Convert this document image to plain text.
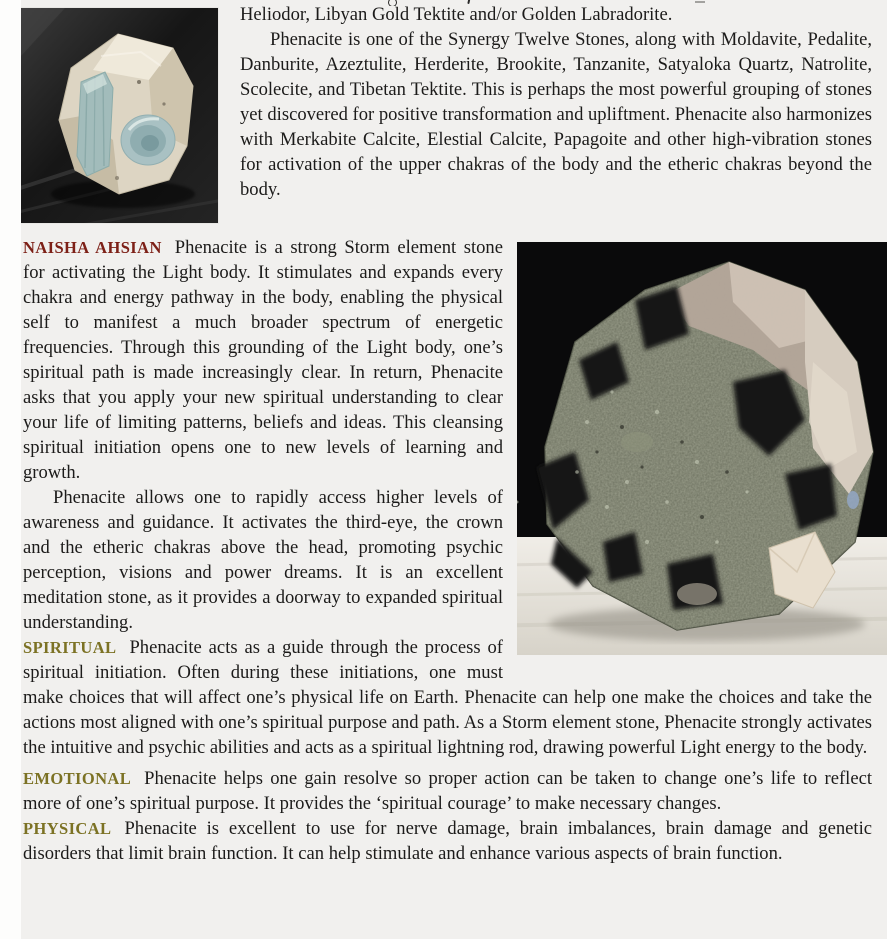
Heliodor, Libyan Gold Tektite and/or Golden Labradorite.

Phenacite is one of the Synergy Twelve Stones, along with Moldavite, Pedalite, Danburite, Azeztulite, Herderite, Brookite, Tanzanite, Satyaloka Quartz, Natrolite, Scolecite, and Tibetan Tektite. This is perhaps the most powerful grouping of stones yet discovered for positive transformation and upliftment. Phenacite also harmonizes with Merkabite Calcite, Elestial Calcite, Papagoite and other high-vibration stones for activation of the upper chakras of the body and the etheric chakras beyond the body.

NAISHA AHSIAN Phenacite is a strong Storm element stone for activating the Light body. It stimulates and expands every chakra and energy pathway in the body, enabling the physical self to manifest a much broader spectrum of energetic frequencies. Through this grounding of the Light body, one’s spiritual path is made increasingly clear. In return, Phenacite asks that you apply your new spiritual understanding to clear your life of limiting patterns, beliefs and ideas. This cleansing spiritual initiation opens one to new levels of learning and growth.

Phenacite allows one to rapidly access higher levels of awareness and guidance. It activates the third-eye, the crown and the etheric chakras above the head, promoting psychic perception, visions and power dreams. It is an excellent meditation stone, as it provides a doorway to expanded spiritual understanding.

SPIRITUAL Phenacite acts as a guide through the process of spiritual initiation. Often during these initiations, one must make choices that will affect one’s physical life on Earth. Phenacite can help one make the choices and take the actions most aligned with one’s spiritual purpose and path. As a Storm element stone, Phenacite strongly activates the intuitive and psychic abilities and acts as a spiritual lightning rod, drawing powerful Light energy to the body.

EMOTIONAL Phenacite helps one gain resolve so proper action can be taken to change one’s life to reflect more of one’s spiritual purpose. It provides the ‘spiritual courage’ to make necessary changes.

PHYSICAL Phenacite is excellent to use for nerve damage, brain imbalances, brain damage and genetic disorders that limit brain function. It can help stimulate and enhance various aspects of brain function.
